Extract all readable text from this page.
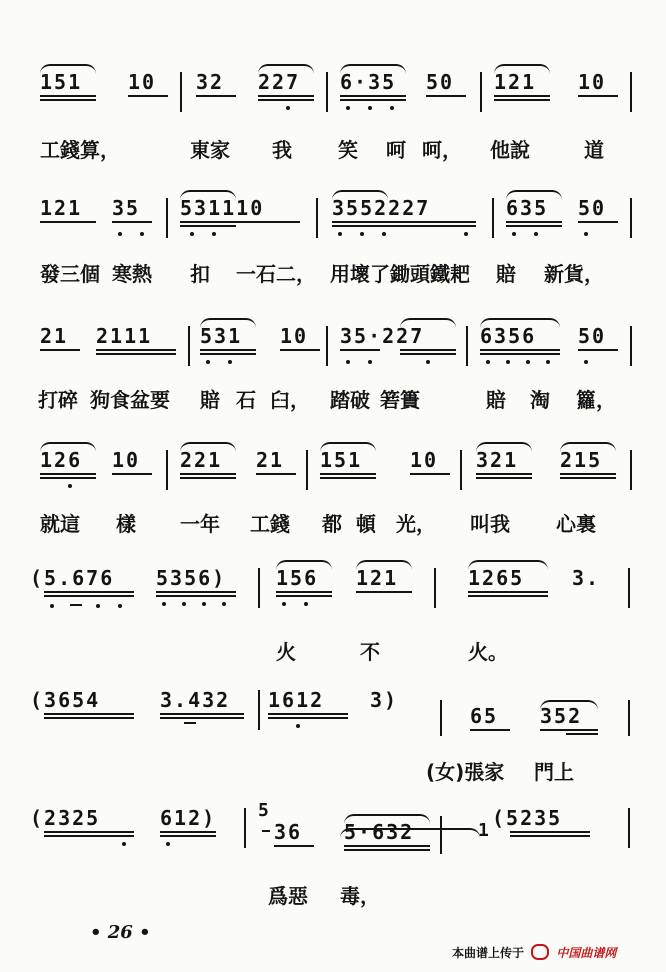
151 10 32 227 6·35 50 121 10
工錢算，	東家 我 笑 呵 呵， 他說	道
121 35 531110	3552227	635 50
發三個 寒熱 扣 一石二， 用壞了鋤頭鐵耙 賠 新貨，
21 2111 531 10 35·227	6356 50
打碎 狗食盆要 賠 石 臼， 踏破 箬簣	賠 淘 籮，
126 10 221 21 151 10 321 215
就這 樣 一年 工錢 都 頓 光， 叫我 心裏
(5.676 5356) 156 121	1265 3.
火	不	火。
(3654	3.432 1612 3)
65 352
(女)張家 門上
(2325	612) 5
36 5·632	1
(5235
爲惡 毒，
• 26 •
本曲谱上传于	中国曲谱网
